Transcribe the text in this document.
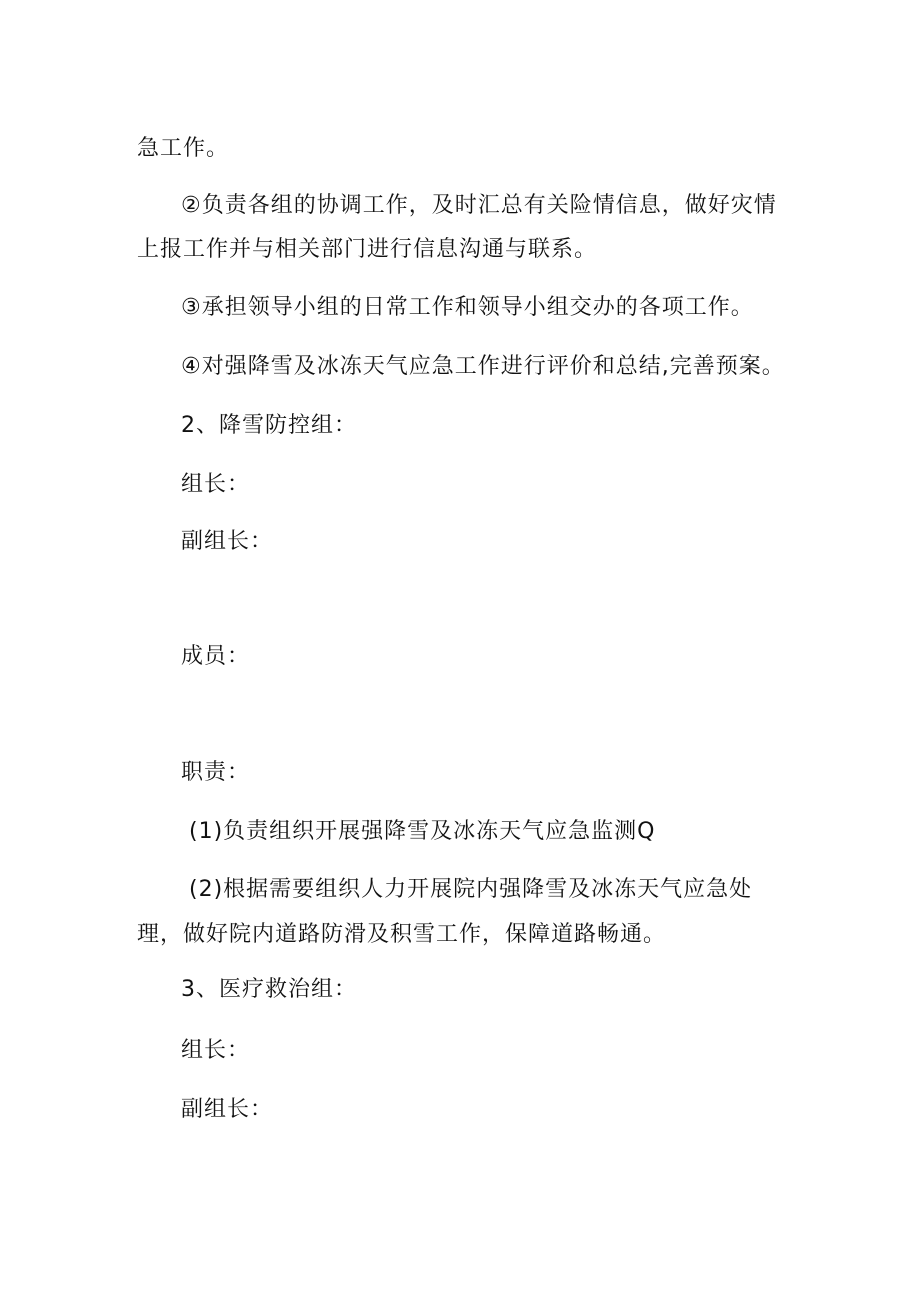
急工作。
②负责各组的协调工作，及时汇总有关险情信息，做好灾情
上报工作并与相关部门进行信息沟通与联系。
③承担领导小组的日常工作和领导小组交办的各项工作。
④对强降雪及冰冻天气应急工作进行评价和总结,完善预案。
2、降雪防控组：
组长：
副组长：
成员：
职责：
(1)负责组织开展强降雪及冰冻天气应急监测Q
(2)根据需要组织人力开展院内强降雪及冰冻天气应急处
理，做好院内道路防滑及积雪工作，保障道路畅通。
3、医疗救治组：
组长：
副组长：
